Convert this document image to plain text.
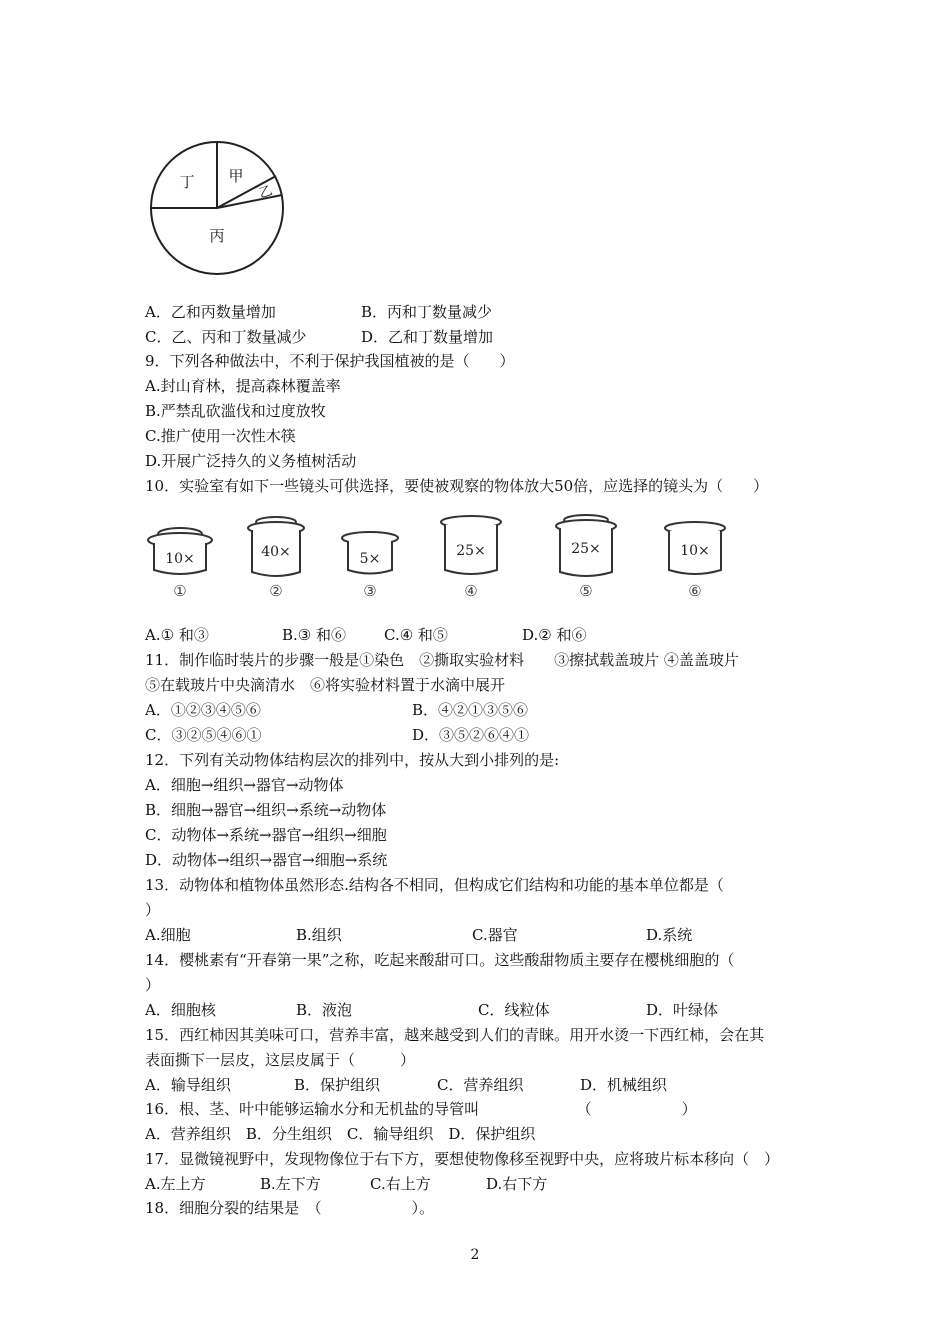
甲
乙
丙
丁
A．乙和丙数量增加	B．丙和丁数量减少
C．乙、丙和丁数量减少	D．乙和丁数量增加
9．下列各种做法中，不利于保护我国植被的是（　　）
A.封山育林，提高森林覆盖率
B.严禁乱砍滥伐和过度放牧
C.推广使用一次性木筷
D.开展广泛持久的义务植树活动
10．实验室有如下一些镜头可供选择，要使被观察的物体放大50倍，应选择的镜头为（　　）
10×
①
40×
②
5×
③
25×
④
25×
⑤
10×
⑥
A.① 和③	B.③ 和⑥	C.④ 和⑤	D.② 和⑥
11．制作临时装片的步骤一般是①染色　②撕取实验材料　　③擦拭载盖玻片 ④盖盖玻片
⑤在载玻片中央滴清水　⑥将实验材料置于水滴中展开
A．①②③④⑤⑥	B．④②①③⑤⑥
C．③②⑤④⑥①	D．③⑤②⑥④①
12．下列有关动物体结构层次的排列中，按从大到小排列的是:
A．细胞→组织→器官→动物体
B．细胞→器官→组织→系统→动物体
C．动物体→系统→器官→组织→细胞
D．动物体→组织→器官→细胞→系统
13．动物体和植物体虽然形态.结构各不相同，但构成它们结构和功能的基本单位都是（
）
A.细胞	B.组织	C.器官	D.系统
14．樱桃素有“开春第一果”之称，吃起来酸甜可口。这些酸甜物质主要存在樱桃细胞的（
）
A．细胞核	B．液泡	C．线粒体	D．叶绿体
15．西红柿因其美味可口，营养丰富，越来越受到人们的青睐。用开水烫一下西红柿，会在其
表面撕下一层皮，这层皮属于（　　　）
A．输导组织	B．保护组织	C．营养组织	D．机械组织
16．根、茎、叶中能够运输水分和无机盐的导管叫　　　　　　　（　　　　　　）
A．营养组织　B．分生组织　C．输导组织　D．保护组织
17．显微镜视野中，发现物像位于右下方，要想使物像移至视野中央，应将玻片标本移向（　）
A.左上方	B.左下方	C.右上方	D.右下方
18．细胞分裂的结果是　（　　　　　　）。
2
